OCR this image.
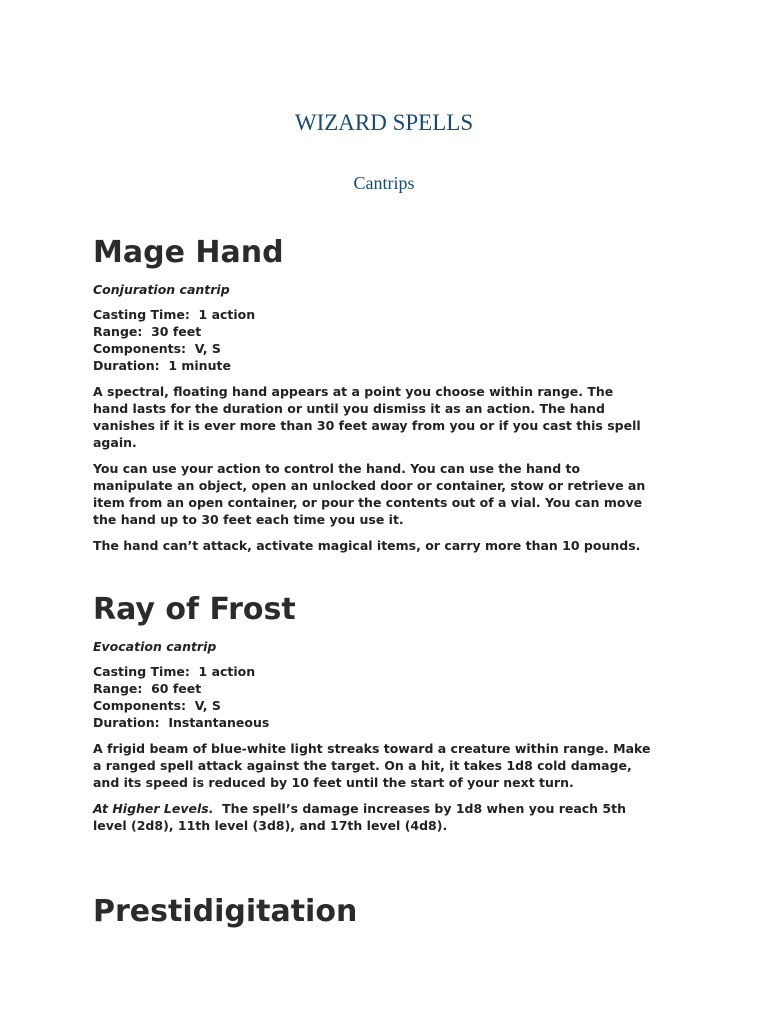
WIZARD SPELLS
Cantrips
Mage Hand

Conjuration cantrip

Casting Time:  1 action

Range:  30 feet

Components:  V, S

Duration:  1 minute

A spectral, floating hand appears at a point you choose within range. The
hand lasts for the duration or until you dismiss it as an action. The hand
vanishes if it is ever more than 30 feet away from you or if you cast this spell
again.
You can use your action to control the hand. You can use the hand to
manipulate an object, open an unlocked door or container, stow or retrieve an
item from an open container, or pour the contents out of a vial. You can move
the hand up to 30 feet each time you use it.
The hand can’t attack, activate magical items, or carry more than 10 pounds.
Ray of Frost

Evocation cantrip

Casting Time:  1 action

Range:  60 feet

Components:  V, S

Duration:  Instantaneous

A frigid beam of blue-white light streaks toward a creature within range. Make
a ranged spell attack against the target. On a hit, it takes 1d8 cold damage,
and its speed is reduced by 10 feet until the start of your next turn.
At Higher Levels.  The spell’s damage increases by 1d8 when you reach 5th
level (2d8), 11th level (3d8), and 17th level (4d8).
Prestidigitation
